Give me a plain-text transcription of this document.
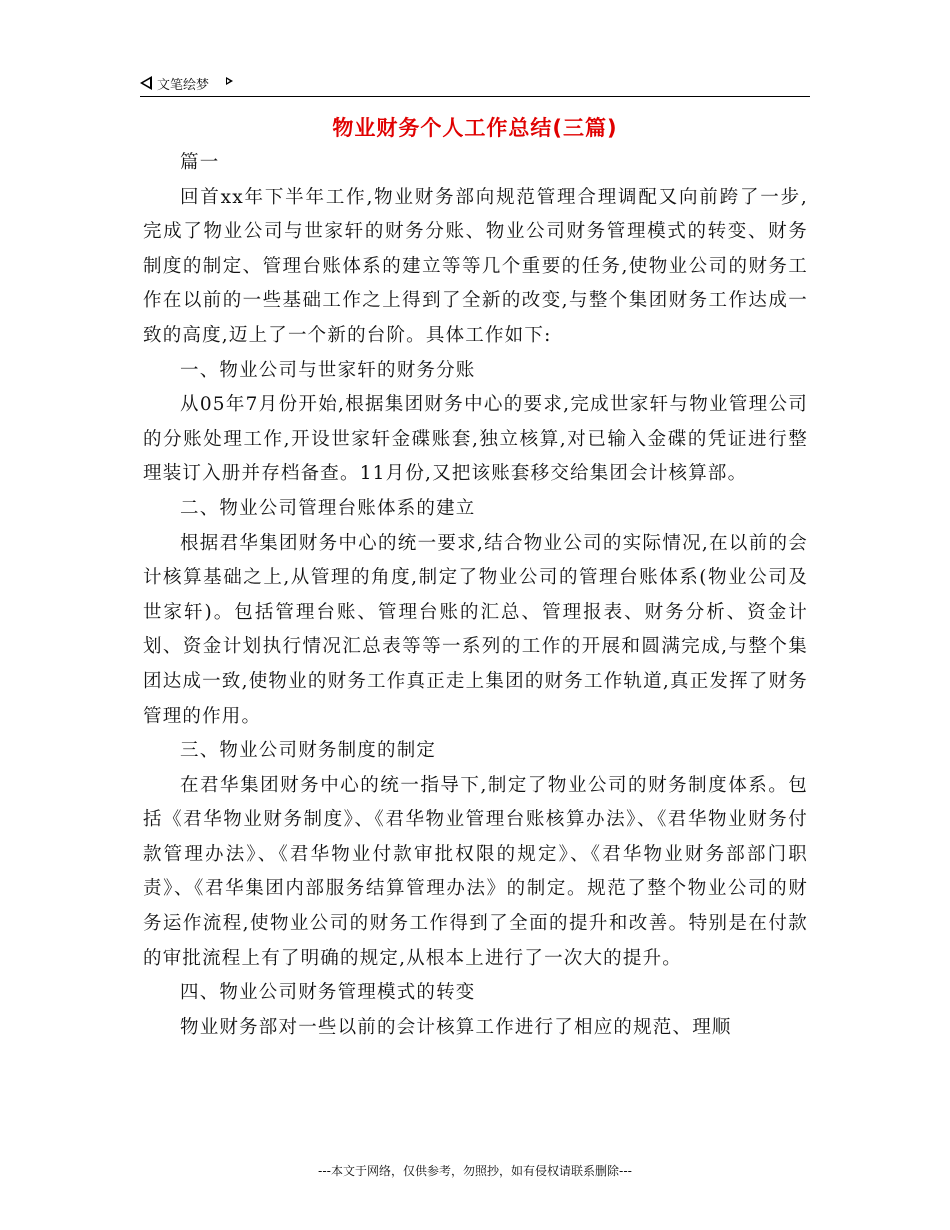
文笔绘梦
物业财务个人工作总结(三篇)

篇一

回首xx年下半年工作,物业财务部向规范管理合理调配又向前跨了一步,完成了物业公司与世家轩的财务分账、物业公司财务管理模式的转变、财务制度的制定、管理台账体系的建立等等几个重要的任务,使物业公司的财务工作在以前的一些基础工作之上得到了全新的改变,与整个集团财务工作达成一致的高度,迈上了一个新的台阶。具体工作如下:

一、物业公司与世家轩的财务分账

从05年7月份开始,根据集团财务中心的要求,完成世家轩与物业管理公司的分账处理工作,开设世家轩金碟账套,独立核算,对已输入金碟的凭证进行整理装订入册并存档备查。11月份,又把该账套移交给集团会计核算部。

二、物业公司管理台账体系的建立

根据君华集团财务中心的统一要求,结合物业公司的实际情况,在以前的会计核算基础之上,从管理的角度,制定了物业公司的管理台账体系(物业公司及世家轩)。包括管理台账、管理台账的汇总、管理报表、财务分析、资金计划、资金计划执行情况汇总表等等一系列的工作的开展和圆满完成,与整个集团达成一致,使物业的财务工作真正走上集团的财务工作轨道,真正发挥了财务管理的作用。

三、物业公司财务制度的制定

在君华集团财务中心的统一指导下,制定了物业公司的财务制度体系。包括《君华物业财务制度》、《君华物业管理台账核算办法》、《君华物业财务付款管理办法》、《君华物业付款审批权限的规定》、《君华物业财务部部门职责》、《君华集团内部服务结算管理办法》的制定。规范了整个物业公司的财务运作流程,使物业公司的财务工作得到了全面的提升和改善。特别是在付款的审批流程上有了明确的规定,从根本上进行了一次大的提升。

四、物业公司财务管理模式的转变

物业财务部对一些以前的会计核算工作进行了相应的规范、理顺

---本文于网络，仅供参考，勿照抄，如有侵权请联系删除---
